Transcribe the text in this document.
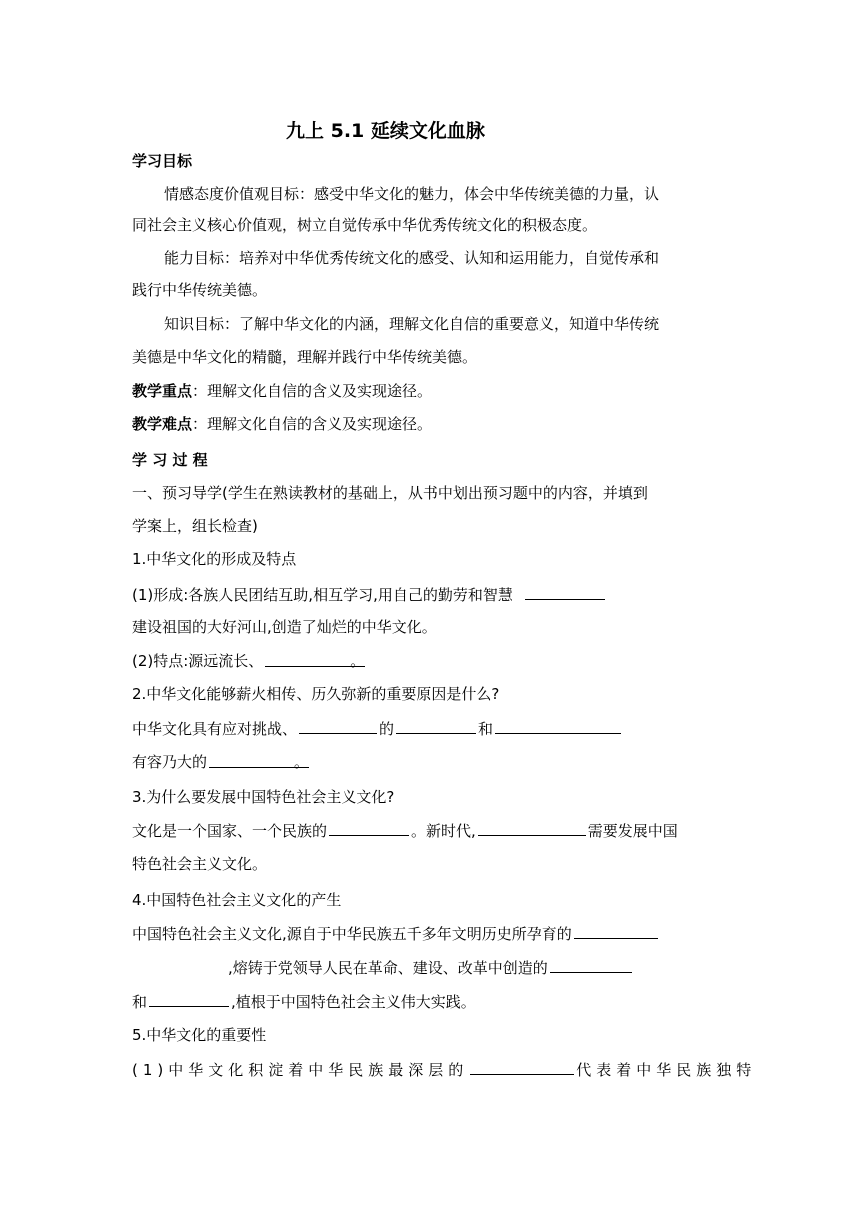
九上 5.1 延续文化血脉
学习目标
情感态度价值观目标：感受中华文化的魅力，体会中华传统美德的力量，认
同社会主义核心价值观，树立自觉传承中华优秀传统文化的积极态度。
能力目标：培养对中华优秀传统文化的感受、认知和运用能力，自觉传承和
践行中华传统美德。
知识目标：了解中华文化的内涵，理解文化自信的重要意义，知道中华传统
美德是中华文化的精髓，理解并践行中华传统美德。
教学重点：理解文化自信的含义及实现途径。
教学难点：理解文化自信的含义及实现途径。
学 习 过 程
一、预习导学(学生在熟读教材的基础上，从书中划出预习题中的内容，并填到
学案上，组长检查)
1.中华文化的形成及特点
(1)形成:各族人民团结互助,相互学习,用自己的勤劳和智慧
建设祖国的大好河山,创造了灿烂的中华文化。
(2)特点:源远流长、	。
2.中华文化能够薪火相传、历久弥新的重要原因是什么?
中华文化具有应对挑战、	的	和
有容乃大的	。
3.为什么要发展中国特色社会主义文化?
文化是一个国家、一个民族的	。新时代,	需要发展中国
特色社会主义文化。
4.中国特色社会主义文化的产生
中国特色社会主义文化,源自于中华民族五千多年文明历史所孕育的
,熔铸于党领导人民在革命、建设、改革中创造的
和	,植根于中国特色社会主义伟大实践。
5.中华文化的重要性
(1)中华文化积淀着中华民族最深层的	代表着中华民族独特
